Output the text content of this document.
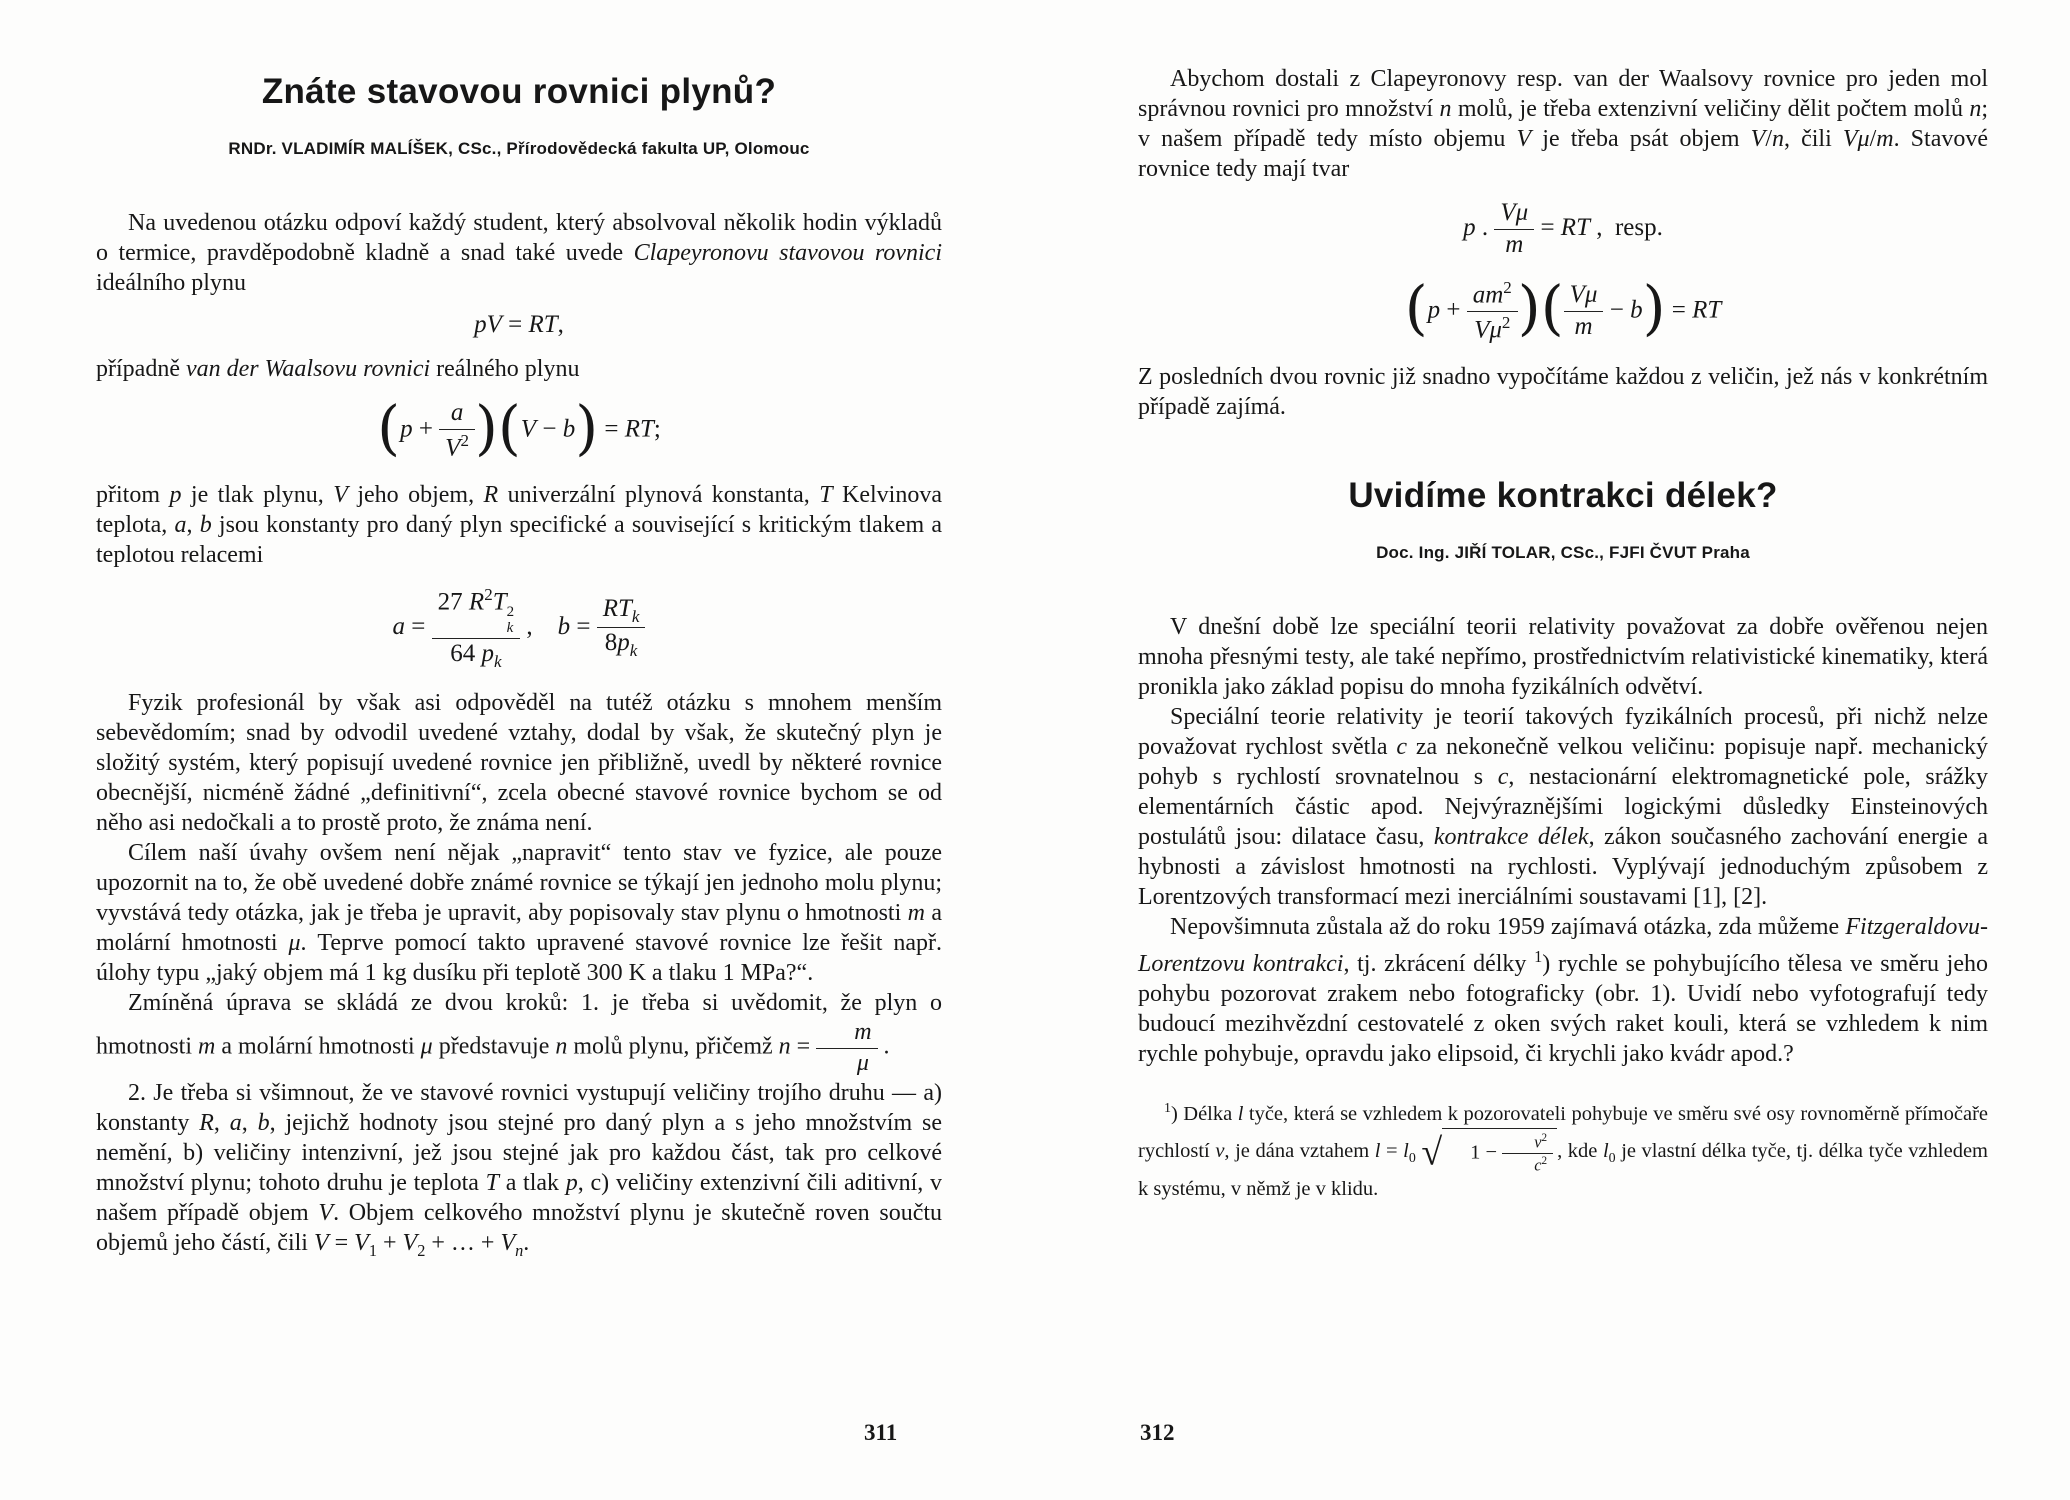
Znáte stavovou rovnici plynů?
RNDr. VLADIMÍR MALÍŠEK, CSc., Přírodovědecká fakulta UP, Olomouc

Na uvedenou otázku odpoví každý student, který absolvoval několik hodin výkladů o termice, pravděpodobně kladně a snad také uvede Clapeyronovu stavovou rovnici ideálního plynu

pV = RT,

případně van der Waalsovu rovnici reálného plynu

$(p + \frac{a}{V^2} )(V - b)$ = RT;

přitom p je tlak plynu, V jeho objem, R univerzální plynová konstanta, T Kelvinova teplota, a, b jsou konstanty pro daný plyn specifické a související s kritickým tlakem a teplotou relacemi

a = 27 $R^2T$ 2
k
64 $p_k$ ,    $b = \frac{RT_k}{8p_k}$

Fyzik profesionál by však asi odpověděl na tutéž otázku s mnohem menším sebevědomím; snad by odvodil uvedené vztahy, dodal by však, že skutečný plyn je složitý systém, který popisují uvedené rovnice jen přibližně, uvedl by některé rovnice obecnější, nicméně žádné „definitivní“, zcela obecné stavové rovnice bychom se od něho asi nedočkali a to prostě proto, že známa není.

Cílem naší úvahy ovšem není nějak „napravit“ tento stav ve fyzice, ale pouze upozornit na to, že obě uvedené dobře známé rovnice se týkají jen jednoho molu plynu; vyvstává tedy otázka, jak je třeba je upravit, aby popisovaly stav plynu o hmotnosti m a molární hmotnosti μ. Teprve pomocí takto upravené stavové rovnice lze řešit např. úlohy typu „jaký objem má 1 kg dusíku při teplotě 300 K a tlaku 1 MPa?“.

Zmíněná úprava se skládá ze dvou kroků: 1. je třeba si uvědomit, že plyn o hmotnosti m a molární hmotnosti μ představuje n molů plynu, přičemž $n = \frac{m}{\mu}$ .

2. Je třeba si všimnout, že ve stavové rovnici vystupují veličiny trojího druhu — a) konstanty R, a, b, jejichž hodnoty jsou stejné pro daný plyn a s jeho množstvím se nemění, b) veličiny intenzivní, jež jsou stejné jak pro každou část, tak pro celkové množství plynu; tohoto druhu je teplota T a tlak p, c) veličiny extenzivní čili aditivní, v našem případě objem V. Objem celkového množství plynu je skutečně roven součtu objemů jeho částí, čili $V = V_1 + V_2$ + … + $V_n$.

Abychom dostali z Clapeyronovy resp. van der Waalsovy rovnice pro jeden mol správnou rovnici pro množství n molů, je třeba extenzivní veličiny dělit počtem molů n; v našem případě tedy místo objemu V je třeba psát objem V/n, čili Vμ/m. Stavové rovnice tedy mají tvar

p . $\frac{V\mu}{m}$ = RT ,  resp.
($p + \frac{am^2}{V\mu^2}$ )( $\frac{V\mu}{m} - b$) = RT

Z posledních dvou rovnic již snadno vypočítáme každou z veličin, jež nás v konkrétním případě zajímá.

Uvidíme kontrakci délek?
Doc. Ing. JIŘÍ TOLAR, CSc., FJFI ČVUT Praha

V dnešní době lze speciální teorii relativity považovat za dobře ověřenou nejen mnoha přesnými testy, ale také nepřímo, prostřednictvím relativistické kinematiky, která pronikla jako základ popisu do mnoha fyzikálních odvětví.

Speciální teorie relativity je teorií takových fyzikálních procesů, při nichž nelze považovat rychlost světla c za nekonečně velkou veličinu: popisuje např. mechanický pohyb s rychlostí srovnatelnou s c, nestacionární elektromagnetické pole, srážky elementárních částic apod. Nejvýraznějšími logickými důsledky Einsteinových postulátů jsou: dilatace času, kontrakce délek, zákon současného zachování energie a hybnosti a závislost hmotnosti na rychlosti. Vyplývají jednoduchým způsobem z Lorentzových transformací mezi inerciálními soustavami [1], [2].

Nepovšimnuta zůstala až do roku 1959 zajímavá otázka, zda můžeme Fitzgeraldovu-Lorentzovu kontrakci, tj. zkrácení délky $^1$) rychle se pohybujícího tělesa ve směru jeho pohybu pozorovat zrakem nebo fotograficky (obr. 1). Uvidí nebo vyfotografují tedy budoucí mezihvězdní cestovatelé z oken svých raket kouli, která se vzhledem k nim rychle pohybuje, opravdu jako elipsoid, či krychli jako kvádr apod.?

$^1$) Délka l tyče, která se vzhledem k pozorovateli pohybuje ve směru své osy rovnoměrně přímočaře rychlostí v, je dána vztahem $l = l_0$ √ $1 - \frac{v^2}{c^2}$ , kde $l_0$ je vlastní délka tyče, tj. délka tyče vzhledem k systému, v němž je v klidu.

311	312
